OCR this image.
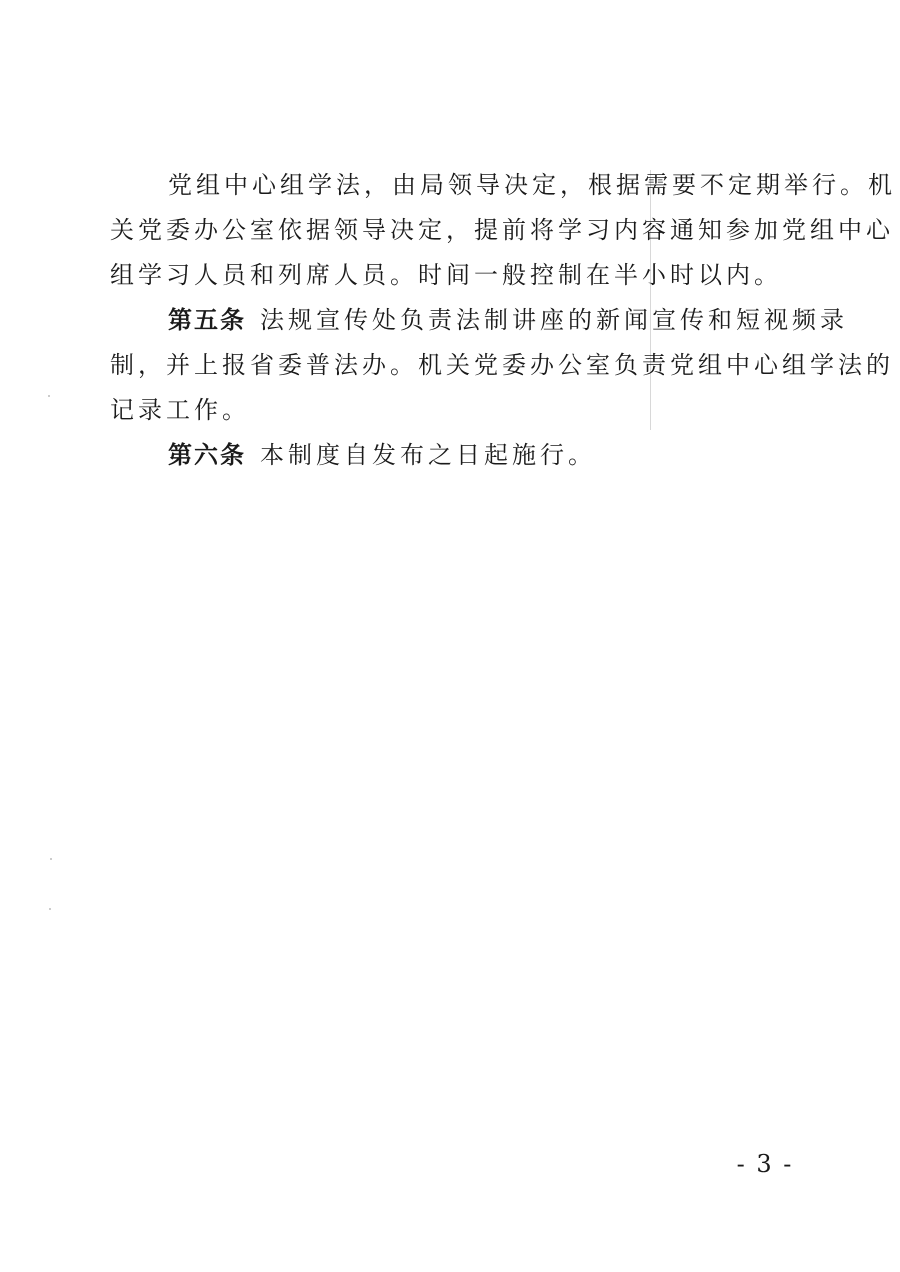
党组中心组学法，由局领导决定，根据需要不定期举行。机
关党委办公室依据领导决定，提前将学习内容通知参加党组中心
组学习人员和列席人员。时间一般控制在半小时以内。
第五条 法规宣传处负责法制讲座的新闻宣传和短视频录
制，并上报省委普法办。机关党委办公室负责党组中心组学法的
记录工作。
第六条 本制度自发布之日起施行。
- 3 -
